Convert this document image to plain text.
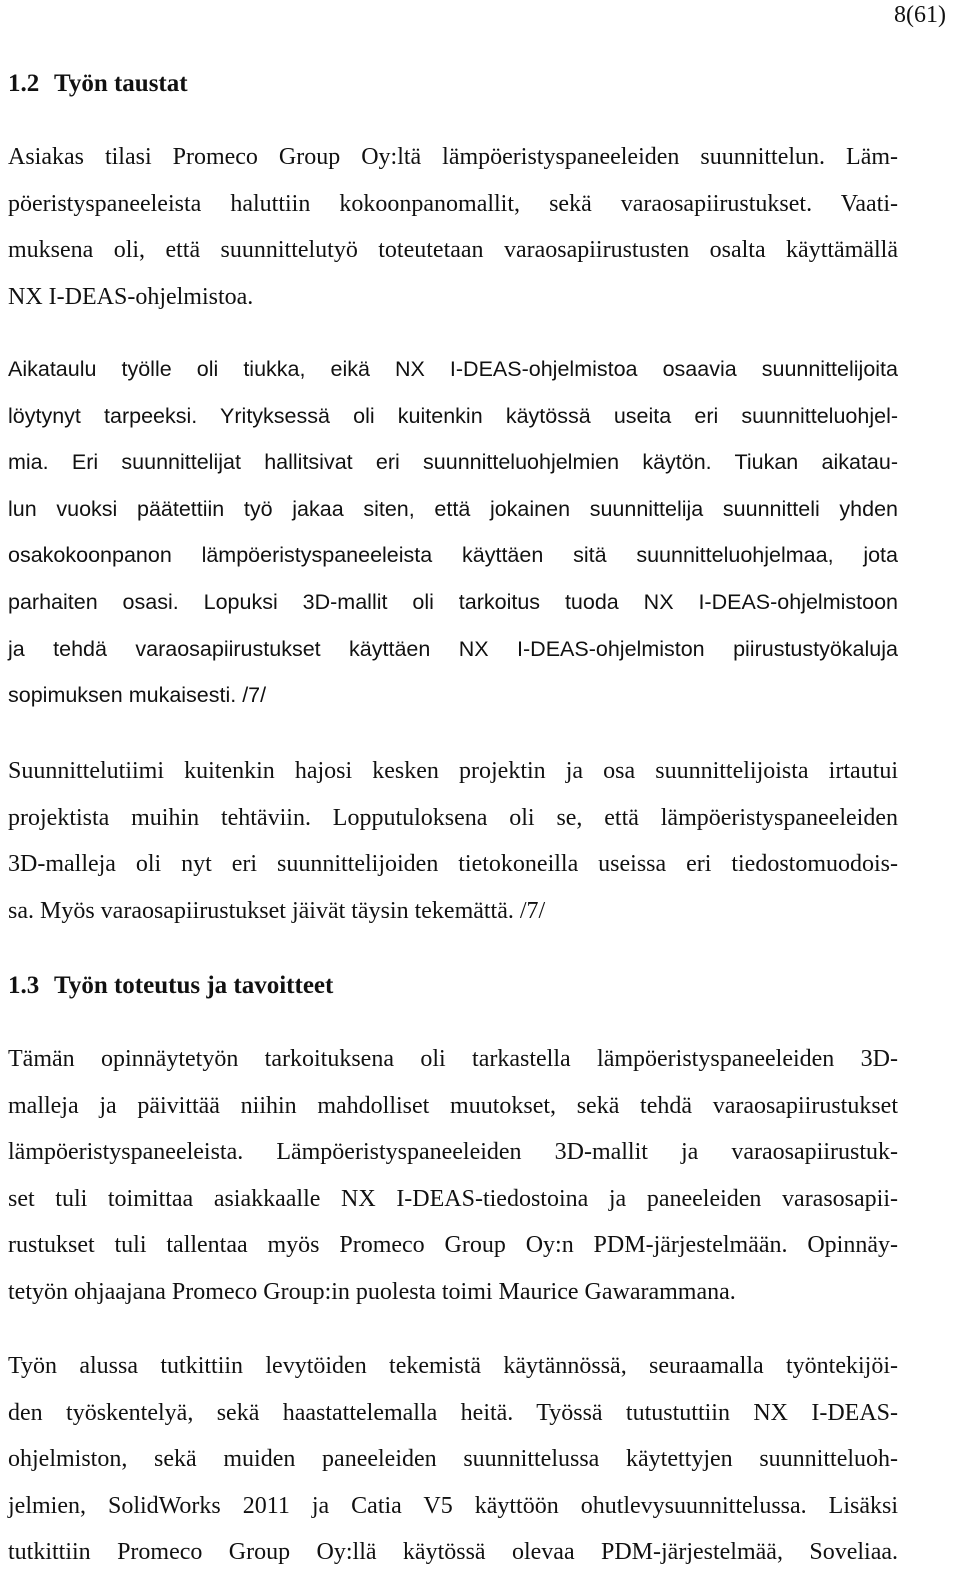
8(61)
1.2 Työn taustat
Asiakas tilasi Promeco Group Oy:ltä lämpöeristyspaneeleiden suunnittelun. Läm-
pöeristyspaneeleista haluttiin kokoonpanomallit, sekä varaosapiirustukset. Vaati-
muksena oli, että suunnittelutyö toteutetaan varaosapiirustusten osalta käyttämällä
NX I-DEAS-ohjelmistoa.
Aikataulu työlle oli tiukka, eikä NX I-DEAS-ohjelmistoa osaavia suunnittelijoita
löytynyt tarpeeksi. Yrityksessä oli kuitenkin käytössä useita eri suunnitteluohjel-
mia. Eri suunnittelijat hallitsivat eri suunnitteluohjelmien käytön. Tiukan aikatau-
lun vuoksi päätettiin työ jakaa siten, että jokainen suunnittelija suunnitteli yhden
osakokoonpanon lämpöeristyspaneeleista käyttäen sitä suunnitteluohjelmaa, jota
parhaiten osasi. Lopuksi 3D-mallit oli tarkoitus tuoda NX I-DEAS-ohjelmistoon
ja tehdä varaosapiirustukset käyttäen NX I-DEAS-ohjelmiston piirustustyökaluja
sopimuksen mukaisesti. /7/
Suunnittelutiimi kuitenkin hajosi kesken projektin ja osa suunnittelijoista irtautui
projektista muihin tehtäviin. Lopputuloksena oli se, että lämpöeristyspaneeleiden
3D-malleja oli nyt eri suunnittelijoiden tietokoneilla useissa eri tiedostomuodois-
sa. Myös varaosapiirustukset jäivät täysin tekemättä. /7/
1.3 Työn toteutus ja tavoitteet
Tämän opinnäytetyön tarkoituksena oli tarkastella lämpöeristyspaneeleiden 3D-
malleja ja päivittää niihin mahdolliset muutokset, sekä tehdä varaosapiirustukset
lämpöeristyspaneeleista. Lämpöeristyspaneeleiden 3D-mallit ja varaosapiirustuk-
set tuli toimittaa asiakkaalle NX I-DEAS-tiedostoina ja paneeleiden varasosapii-
rustukset tuli tallentaa myös Promeco Group Oy:n PDM-järjestelmään. Opinnäy-
tetyön ohjaajana Promeco Group:in puolesta toimi Maurice Gawarammana.
Työn alussa tutkittiin levytöiden tekemistä käytännössä, seuraamalla työntekijöi-
den työskentelyä, sekä haastattelemalla heitä. Työssä tutustuttiin NX I-DEAS-
ohjelmiston, sekä muiden paneeleiden suunnittelussa käytettyjen suunnitteluoh-
jelmien, SolidWorks 2011 ja Catia V5 käyttöön ohutlevysuunnittelussa. Lisäksi
tutkittiin Promeco Group Oy:llä käytössä olevaa PDM-järjestelmää, Soveliaa.
